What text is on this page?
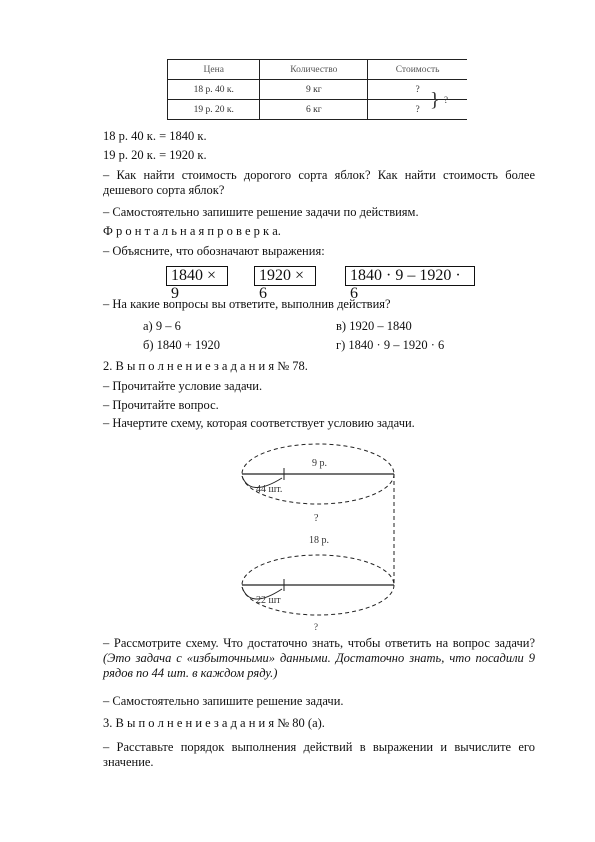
Цена	Количество	Стоимость
18 р. 40 к.	9 кг	?
19 р. 20 к.	6 кг	? } ?
18 р. 40 к. = 1840 к.
19 р. 20 к. = 1920 к.
– Как найти стоимость дорогого сорта яблок? Как найти стоимость более дешевого сорта яблок?
– Самостоятельно запишите решение задачи по действиям.
Ф р о н т а л ь н а я п р о в е р к а.
– Объясните, что обозначают выражения:
1840 × 9
1920 × 6
1840 · 9 – 1920 · 6
– На какие вопросы вы ответите, выполнив действия?
а) 9 – 6	в) 1920 – 1840
б) 1840 + 1920	г) 1840 · 9 – 1920 · 6
2. В ы п о л н е н и е з а д а н и я № 78.
– Прочитайте условие задачи.
– Прочитайте вопрос.
– Начертите схему, которая соответствует условию задачи.
9 р.
44 шт.
?
18 р.
22 шт
?
– Рассмотрите схему. Что достаточно знать, чтобы ответить на вопрос задачи? (Это задача с «избыточными» данными. Достаточно знать, что посадили 9 рядов по 44 шт. в каждом ряду.)
– Самостоятельно запишите решение задачи.
3. В ы п о л н е н и е з а д а н и я № 80 (а).
– Расставьте порядок выполнения действий в выражении и вычислите его значение.
